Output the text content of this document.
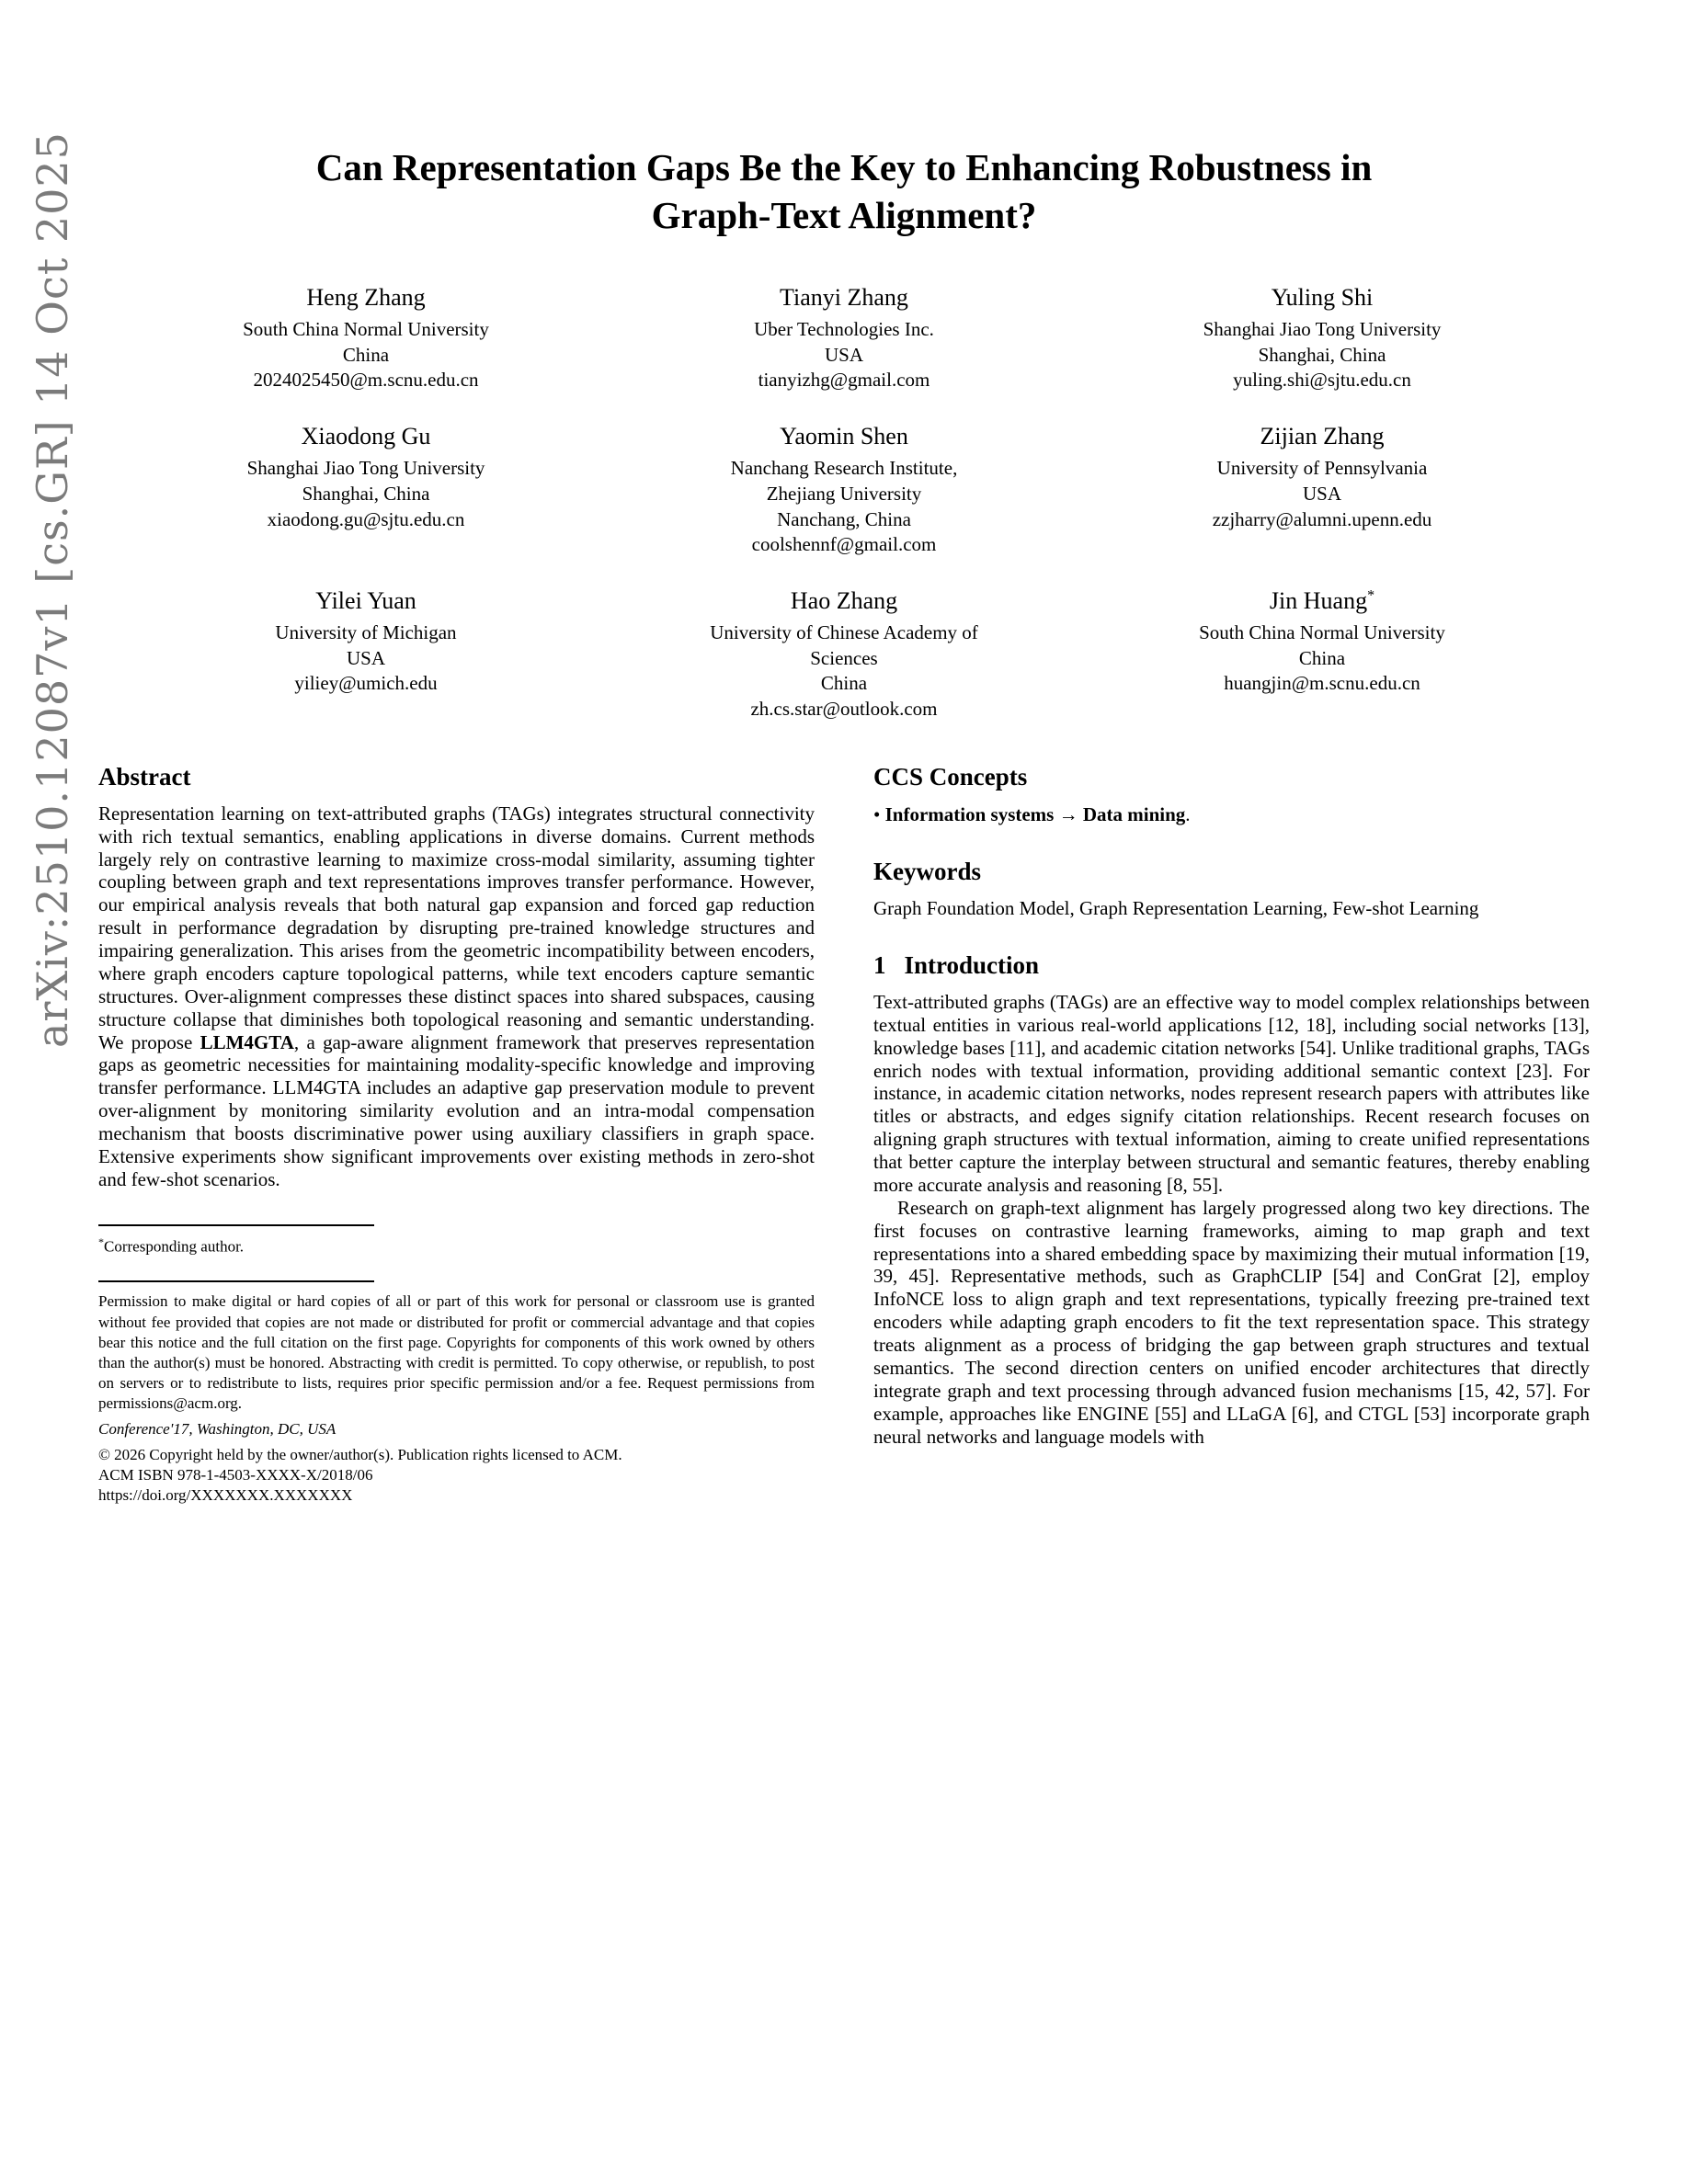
arXiv:2510.12087v1 [cs.GR] 14 Oct 2025	Can Representation Gaps Be the Key to Enhancing Robustness in Graph-Text Alignment?
Heng Zhang
South China Normal University
China
2024025450@m.scnu.edu.cn
Tianyi Zhang
Uber Technologies Inc.
USA
tianyizhg@gmail.com
Yuling Shi
Shanghai Jiao Tong University
Shanghai, China
yuling.shi@sjtu.edu.cn
Xiaodong Gu
Shanghai Jiao Tong University
Shanghai, China
xiaodong.gu@sjtu.edu.cn
Yaomin Shen
Nanchang Research Institute,
Zhejiang University
Nanchang, China
coolshennf@gmail.com
Zijian Zhang
University of Pennsylvania
USA
zzjharry@alumni.upenn.edu
Yilei Yuan
University of Michigan
USA
yiliey@umich.edu
Hao Zhang
University of Chinese Academy of
Sciences
China
zh.cs.star@outlook.com
Jin Huang*
South China Normal University
China
huangjin@m.scnu.edu.cn
Abstract

Representation learning on text-attributed graphs (TAGs) integrates structural connectivity with rich textual semantics, enabling applications in diverse domains. Current methods largely rely on contrastive learning to maximize cross-modal similarity, assuming tighter coupling between graph and text representations improves transfer performance. However, our empirical analysis reveals that both natural gap expansion and forced gap reduction result in performance degradation by disrupting pre-trained knowledge structures and impairing generalization. This arises from the geometric incompatibility between encoders, where graph encoders capture topological patterns, while text encoders capture semantic structures. Over-alignment compresses these distinct spaces into shared subspaces, causing structure collapse that diminishes both topological reasoning and semantic understanding. We propose LLM4GTA, a gap-aware alignment framework that preserves representation gaps as geometric necessities for maintaining modality-specific knowledge and improving transfer performance. LLM4GTA includes an adaptive gap preservation module to prevent over-alignment by monitoring similarity evolution and an intra-modal compensation mechanism that boosts discriminative power using auxiliary classifiers in graph space. Extensive experiments show significant improvements over existing methods in zero-shot and few-shot scenarios.

*Corresponding author.

Permission to make digital or hard copies of all or part of this work for personal or classroom use is granted without fee provided that copies are not made or distributed for profit or commercial advantage and that copies bear this notice and the full citation on the first page. Copyrights for components of this work owned by others than the author(s) must be honored. Abstracting with credit is permitted. To copy otherwise, or republish, to post on servers or to redistribute to lists, requires prior specific permission and/or a fee. Request permissions from permissions@acm.org.

Conference'17, Washington, DC, USA

© 2026 Copyright held by the owner/author(s). Publication rights licensed to ACM.

ACM ISBN 978-1-4503-XXXX-X/2018/06

https://doi.org/XXXXXXX.XXXXXXX

CCS Concepts

• Information systems → Data mining.

Keywords

Graph Foundation Model, Graph Representation Learning, Few-shot Learning

1 Introduction

Text-attributed graphs (TAGs) are an effective way to model complex relationships between textual entities in various real-world applications [12, 18], including social networks [13], knowledge bases [11], and academic citation networks [54]. Unlike traditional graphs, TAGs enrich nodes with textual information, providing additional semantic context [23]. For instance, in academic citation networks, nodes represent research papers with attributes like titles or abstracts, and edges signify citation relationships. Recent research focuses on aligning graph structures with textual information, aiming to create unified representations that better capture the interplay between structural and semantic features, thereby enabling more accurate analysis and reasoning [8, 55].

Research on graph-text alignment has largely progressed along two key directions. The first focuses on contrastive learning frameworks, aiming to map graph and text representations into a shared embedding space by maximizing their mutual information [19, 39, 45]. Representative methods, such as GraphCLIP [54] and ConGrat [2], employ InfoNCE loss to align graph and text representations, typically freezing pre-trained text encoders while adapting graph encoders to fit the text representation space. This strategy treats alignment as a process of bridging the gap between graph structures and textual semantics. The second direction centers on unified encoder architectures that directly integrate graph and text processing through advanced fusion mechanisms [15, 42, 57]. For example, approaches like ENGINE [55] and LLaGA [6], and CTGL [53] incorporate graph neural networks and language models with
